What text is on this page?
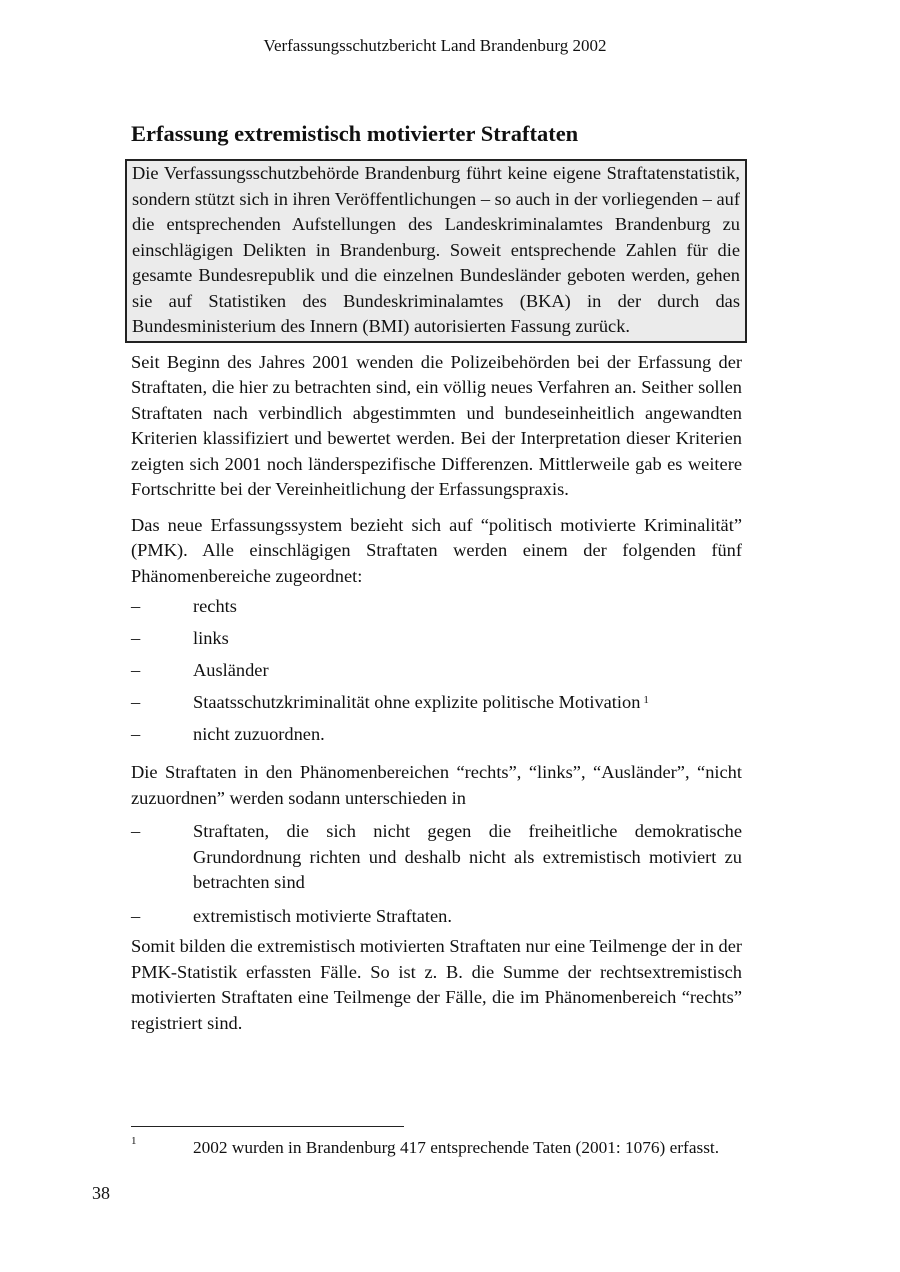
Verfassungsschutzbericht Land Brandenburg 2002
Erfassung extremistisch motivierter Straftaten

Die Verfassungsschutzbehörde Brandenburg führt keine eigene Straftatenstatistik, sondern stützt sich in ihren Veröffentlichungen – so auch in der vorliegenden – auf die entsprechenden Aufstellungen des Landeskriminalamtes Brandenburg zu einschlägigen Delikten in Brandenburg. Soweit entsprechende Zahlen für die gesamte Bundesrepublik und die einzelnen Bundesländer geboten werden, gehen sie auf Statistiken des Bundeskriminalamtes (BKA) in der durch das Bundesministerium des Innern (BMI) autorisierten Fassung zurück.

Seit Beginn des Jahres 2001 wenden die Polizeibehörden bei der Erfassung der Straftaten, die hier zu betrachten sind, ein völlig neues Verfahren an. Seither sollen Straftaten nach verbindlich abgestimmten und bundeseinheitlich angewandten Kriterien klassifiziert und bewertet werden. Bei der Interpretation dieser Kriterien zeigten sich 2001 noch länderspezifische Differenzen. Mittlerweile gab es weitere Fortschritte bei der Vereinheitlichung der Erfassungspraxis.

Das neue Erfassungssystem bezieht sich auf “politisch motivierte Kriminalität” (PMK). Alle einschlägigen Straftaten werden einem der folgenden fünf Phänomenbereiche zugeordnet:

–	rechts
–	links
–	Ausländer
–	Staatsschutzkriminalität ohne explizite politische Motivation $^1$
–	nicht zuzuordnen.

Die Straftaten in den Phänomenbereichen “rechts”, “links”, “Ausländer”, “nicht zuzuordnen” werden sodann unterschieden in

–	Straftaten, die sich nicht gegen die freiheitliche demokratische Grundordnung richten und deshalb nicht als extremistisch motiviert zu betrachten sind
–	extremistisch motivierte Straftaten.

Somit bilden die extremistisch motivierten Straftaten nur eine Teilmenge der in der PMK-Statistik erfassten Fälle. So ist z. B. die Summe der rechtsextremistisch motivierten Straftaten eine Teilmenge der Fälle, die im Phänomenbereich “rechts” registriert sind.

1	2002 wurden in Brandenburg 417 entsprechende Taten (2001: 1076) erfasst.

38
